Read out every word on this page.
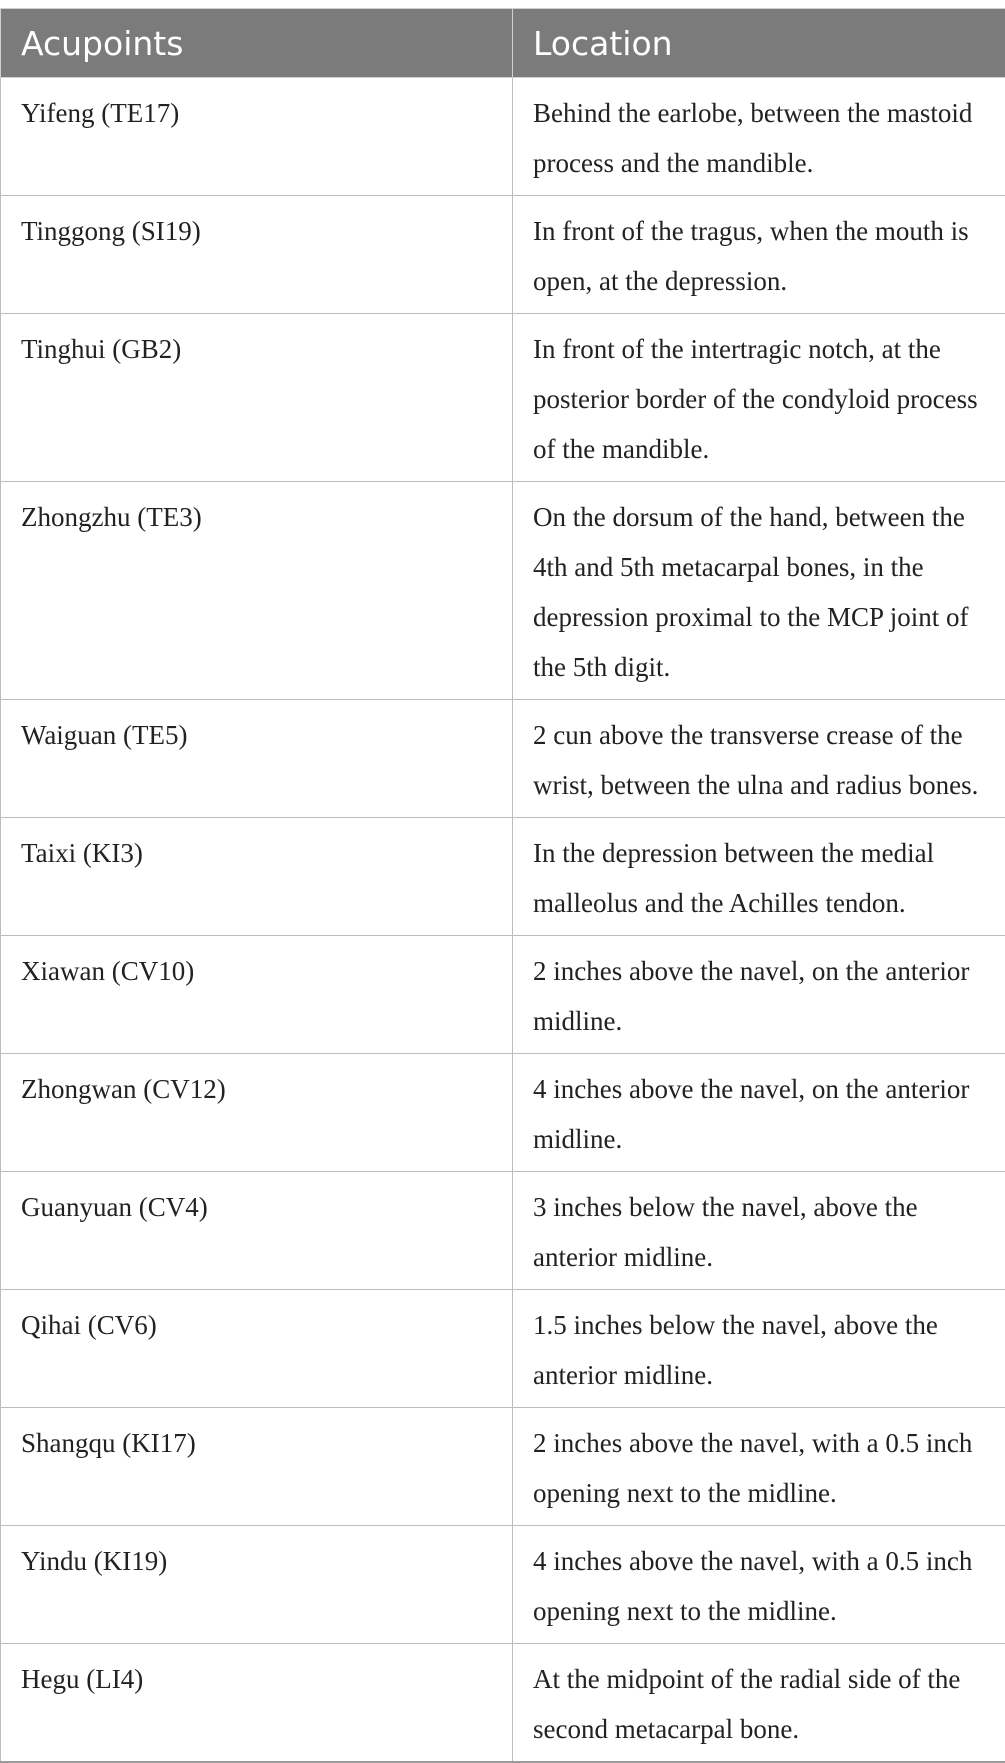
Acupoints	Location
Yifeng (TE17)	Behind the earlobe, between the mastoid process and the mandible.
Tinggong (SI19)	In front of the tragus, when the mouth is open, at the depression.
Tinghui (GB2)	In front of the intertragic notch, at the posterior border of the condyloid process of the mandible.
Zhongzhu (TE3)	On the dorsum of the hand, between the 4th and 5th metacarpal bones, in the depression proximal to the MCP joint of the 5th digit.
Waiguan (TE5)	2 cun above the transverse crease of the wrist, between the ulna and radius bones.
Taixi (KI3)	In the depression between the medial malleolus and the Achilles tendon.
Xiawan (CV10)	2 inches above the navel, on the anterior midline.
Zhongwan (CV12)	4 inches above the navel, on the anterior midline.
Guanyuan (CV4)	3 inches below the navel, above the anterior midline.
Qihai (CV6)	1.5 inches below the navel, above the anterior midline.
Shangqu (KI17)	2 inches above the navel, with a 0.5 inch opening next to the midline.
Yindu (KI19)	4 inches above the navel, with a 0.5 inch opening next to the midline.
Hegu (LI4)	At the midpoint of the radial side of the second metacarpal bone.
